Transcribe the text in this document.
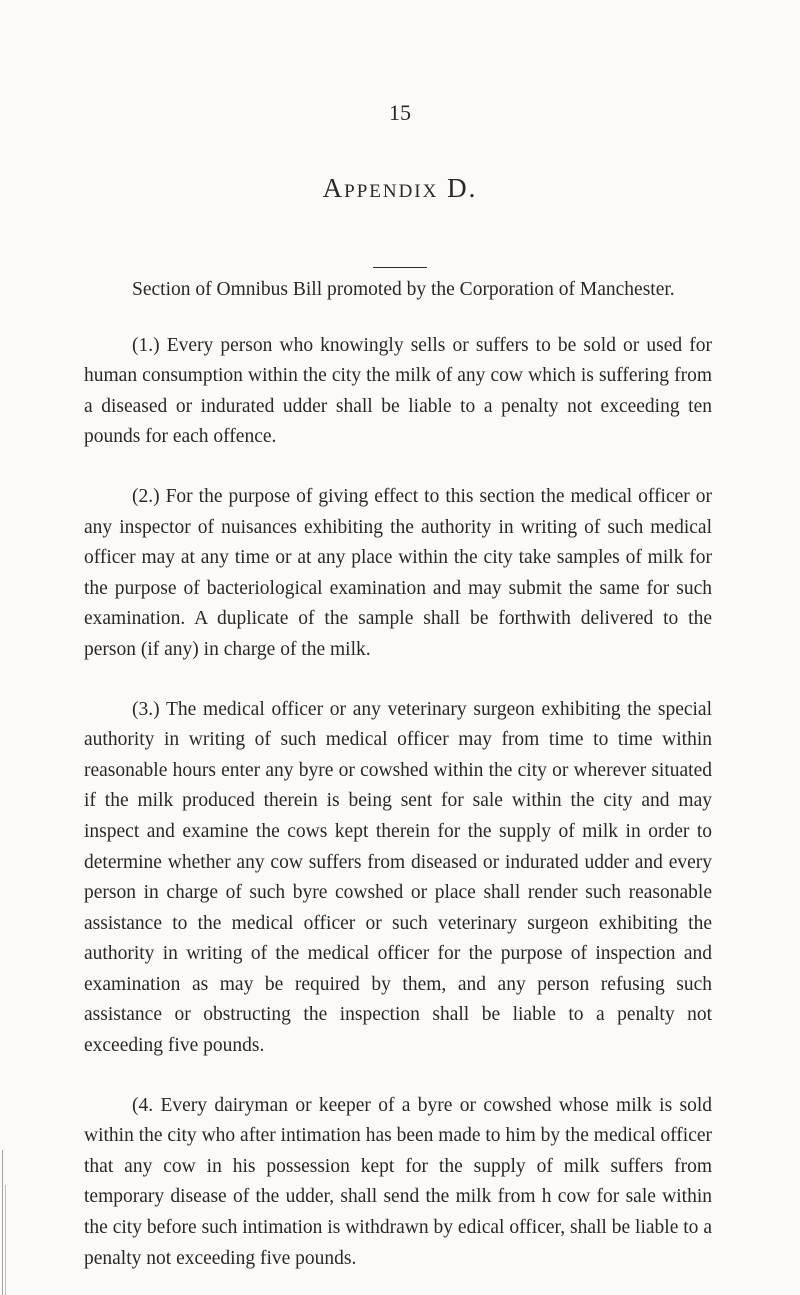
15
Appendix D.

Section of Omnibus Bill promoted by the Corporation of Manchester.

(1.) Every person who knowingly sells or suffers to be sold or used for human consumption within the city the milk of any cow which is suffering from a diseased or indurated udder shall be liable to a penalty not exceeding ten pounds for each offence.

(2.) For the purpose of giving effect to this section the medical officer or any inspector of nuisances exhibiting the authority in writing of such medical officer may at any time or at any place within the city take samples of milk for the purpose of bacteriological examination and may submit the same for such examination. A duplicate of the sample shall be forthwith delivered to the person (if any) in charge of the milk.

(3.) The medical officer or any veterinary surgeon exhibiting the special authority in writing of such medical officer may from time to time within reasonable hours enter any byre or cowshed within the city or wherever situated if the milk produced therein is being sent for sale within the city and may inspect and examine the cows kept therein for the supply of milk in order to determine whether any cow suffers from diseased or indurated udder and every person in charge of such byre cowshed or place shall render such reasonable assistance to the medical officer or such veterinary surgeon exhibiting the authority in writing of the medical officer for the purpose of inspection and examination as may be required by them, and any person refusing such assistance or obstructing the inspection shall be liable to a penalty not exceeding five pounds.

(4. Every dairyman or keeper of a byre or cowshed whose milk is sold within the city who after intimation has been made to him by the medical officer that any cow in his possession kept for the supply of milk suffers from temporary disease of the udder, shall send the milk from h cow for sale within the city before such intimation is withdrawn by edical officer, shall be liable to a penalty not exceeding five pounds.
